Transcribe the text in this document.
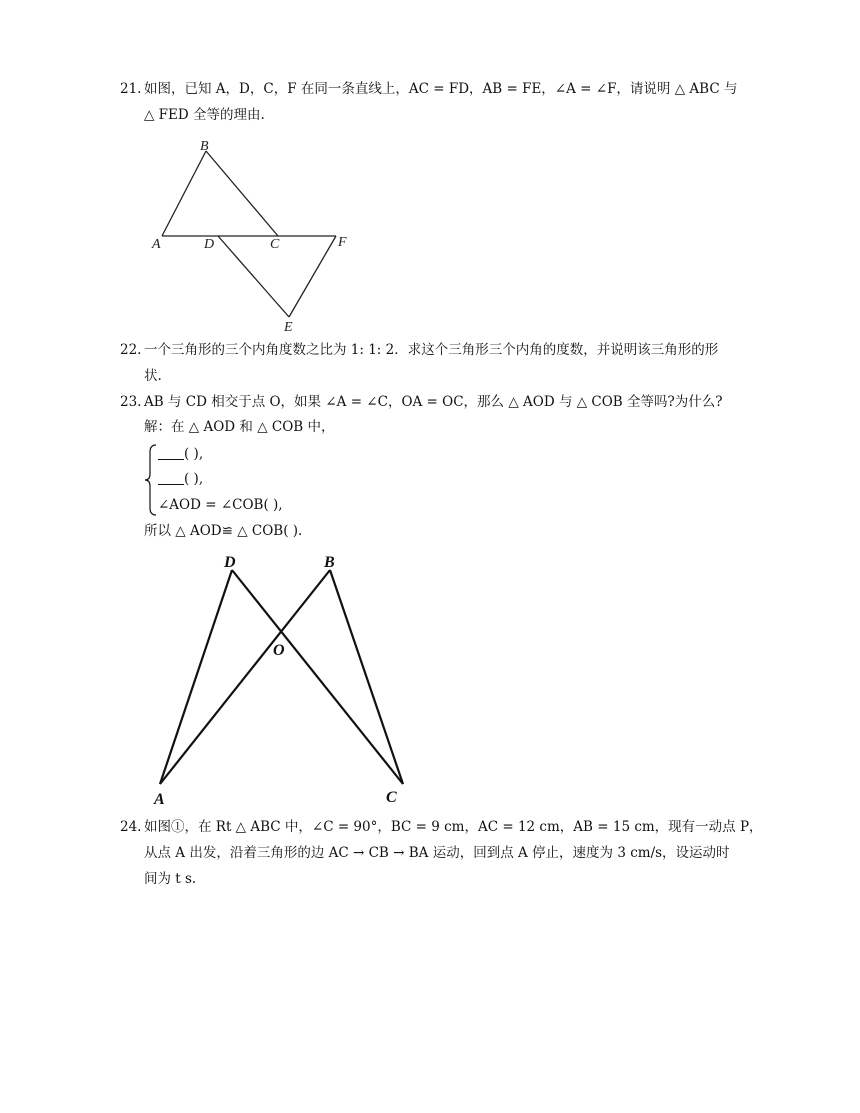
21. 如图，已知 A，D，C，F 在同一条直线上，AC = FD，AB = FE，∠A = ∠F，请说明 △ ABC 与
△ FED 全等的理由.
B
A	D	C	F
E
22. 一个三角形的三个内角度数之比为 1: 1: 2．求这个三角形三个内角的度数，并说明该三角形的形
状.
23. AB 与 CD 相交于点 O，如果 ∠A = ∠C，OA = OC，那么 △ AOD 与 △ COB 全等吗?为什么?
解：在 △ AOD 和 △ COB 中，
( ),
( ),
∠AOD = ∠COB( ),
所以 △ AOD≌ △ COB( ).
D	B
O
A	C
24. 如图①，在 Rt △ ABC 中，∠C = 90°，BC = 9 cm，AC = 12 cm，AB = 15 cm，现有一动点 P，
从点 A 出发，沿着三角形的边 AC → CB → BA 运动，回到点 A 停止，速度为 3 cm/s，设运动时
间为 t s.
